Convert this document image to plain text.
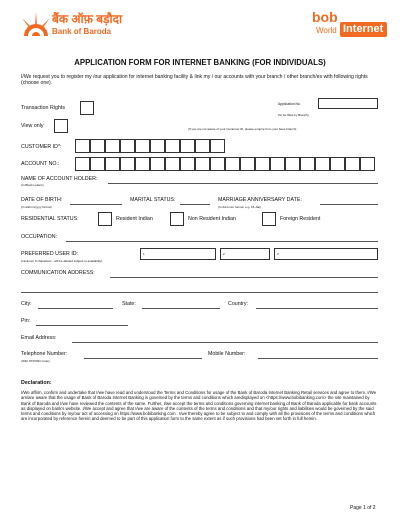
बैंक ऑफ़ बड़ौदा
Bank of Baroda
bob
World Internet
APPLICATION FORM FOR INTERNET BANKING (FOR INDIVIDUALS)
I/We request you to register my /our application for internet banking facility & link my / our accounts with your branch / other branch/es with following rights (choose one).
Transaction Rights
View only
Application No.
(To be filled by Branch)
(If you are not aware of your Customer ID, please enquire from your base branch)
CUSTOMER ID*:
ACCOUNT NO.:
NAME OF ACCOUNT HOLDER:
(In Block Letters)
DATE OF BIRTH:
(In dd/mm/yyyy format)
MARITAL STATUS:	MARRIAGE ANNIVERSARY DATE:
(In dd-mmm format, e.g. 15-Jan)
RESIDENTIAL STATUS:	Resident Indian	Non Resident Indian	Foreign Resident
OCCUPATION:
PREFERRED USER ID:
(minimum 6 characters - will be allotted subject to availability)
1	2	3
COMMUNICATION ADDRESS:
City:	State:	Country:
Pin:
Email Address:
Telephone Number:
(With STD/ISD Code)
Mobile Number:
Declaration:
I/We affirm, confirm and undertake that I/we have read and understood the Terms and Conditions for usage of the Bank of Baroda Internet Banking Retail services and agree to them. I/We am/are aware that the usage of Bank of Baroda Internet Banking is governed by the terms and conditions which aredisplayed on <https://www.bobibanking.com> the site maintained by Bank of Baroda and I/we have reviewed the contents of the same. Further, I/we accept the terms and conditions governing internet banking of Bank of Baroda applicable for bank accounts as displayed on bank's website. I/We accept and agree that I/we are aware of the contents of the terms and conditions and that my/our rights and liabilities would be governed by the said terms and conditions by my/our act of accessing on https://www.bobibanking.com . I/we thereby agree to be subject to and comply with all the provisions of the terms and conditions which are incorporated by reference herein and deemed to be part of this application form to the same extent as if such provisions had been set forth in full herein.
Page 1 of 2
